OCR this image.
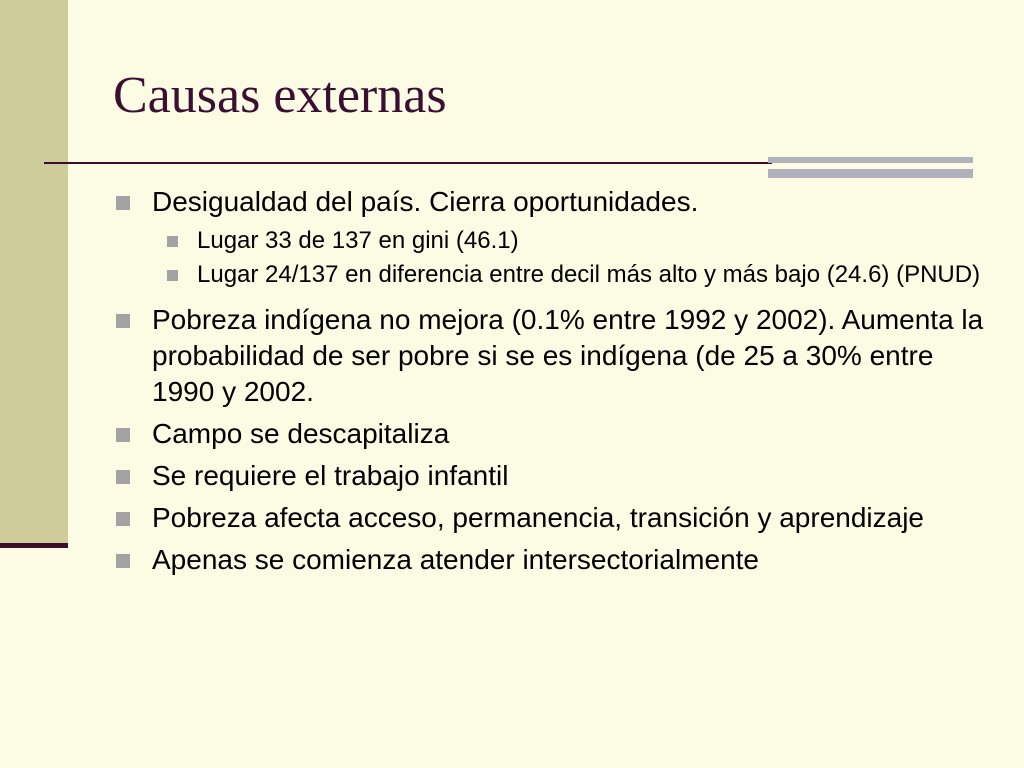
Causas externas
Desigualdad del país. Cierra oportunidades.
Lugar 33 de 137 en gini (46.1)
Lugar 24/137 en diferencia entre decil más alto y más bajo (24.6) (PNUD)
Pobreza indígena no mejora (0.1% entre 1992 y 2002). Aumenta la probabilidad de ser pobre si se es indígena (de 25 a 30% entre 1990 y 2002.
Campo se descapitaliza
Se requiere el trabajo infantil
Pobreza afecta acceso, permanencia, transición y aprendizaje
Apenas se comienza atender intersectorialmente
